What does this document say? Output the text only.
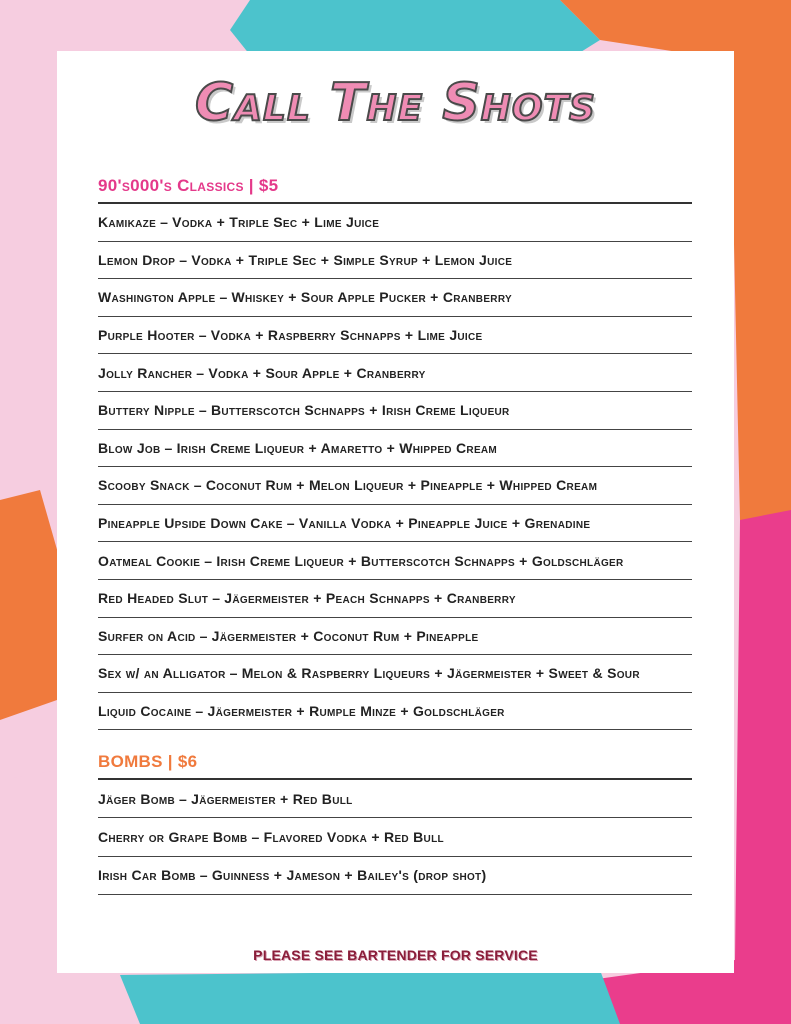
Call The Shots
90's000's Classics | $5
Kamikaze – Vodka + Triple Sec + Lime Juice
Lemon Drop – Vodka + Triple Sec + Simple Syrup + Lemon Juice
Washington Apple – Whiskey + Sour Apple Pucker + Cranberry
Purple Hooter – Vodka + Raspberry Schnapps + Lime Juice
Jolly Rancher – Vodka + Sour Apple + Cranberry
Buttery Nipple – Butterscotch Schnapps + Irish Creme Liqueur
Blow Job – Irish Creme Liqueur + Amaretto + Whipped Cream
Scooby Snack – Coconut Rum + Melon Liqueur + Pineapple + Whipped Cream
Pineapple Upside Down Cake – Vanilla Vodka + Pineapple Juice + Grenadine
Oatmeal Cookie – Irish Creme Liqueur + Butterscotch Schnapps + Goldschläger
Red Headed Slut – Jägermeister + Peach Schnapps + Cranberry
Surfer on Acid – Jägermeister + Coconut Rum + Pineapple
Sex w/ an Alligator – Melon & Raspberry Liqueurs + Jägermeister + Sweet & Sour
Liquid Cocaine – Jägermeister + Rumple Minze + Goldschläger
BOMBS | $6
Jäger Bomb – Jägermeister + Red Bull
Cherry or Grape Bomb – Flavored Vodka + Red Bull
Irish Car Bomb – Guinness + Jameson + Bailey's (drop shot)
PLEASE SEE BARTENDER FOR SERVICE
